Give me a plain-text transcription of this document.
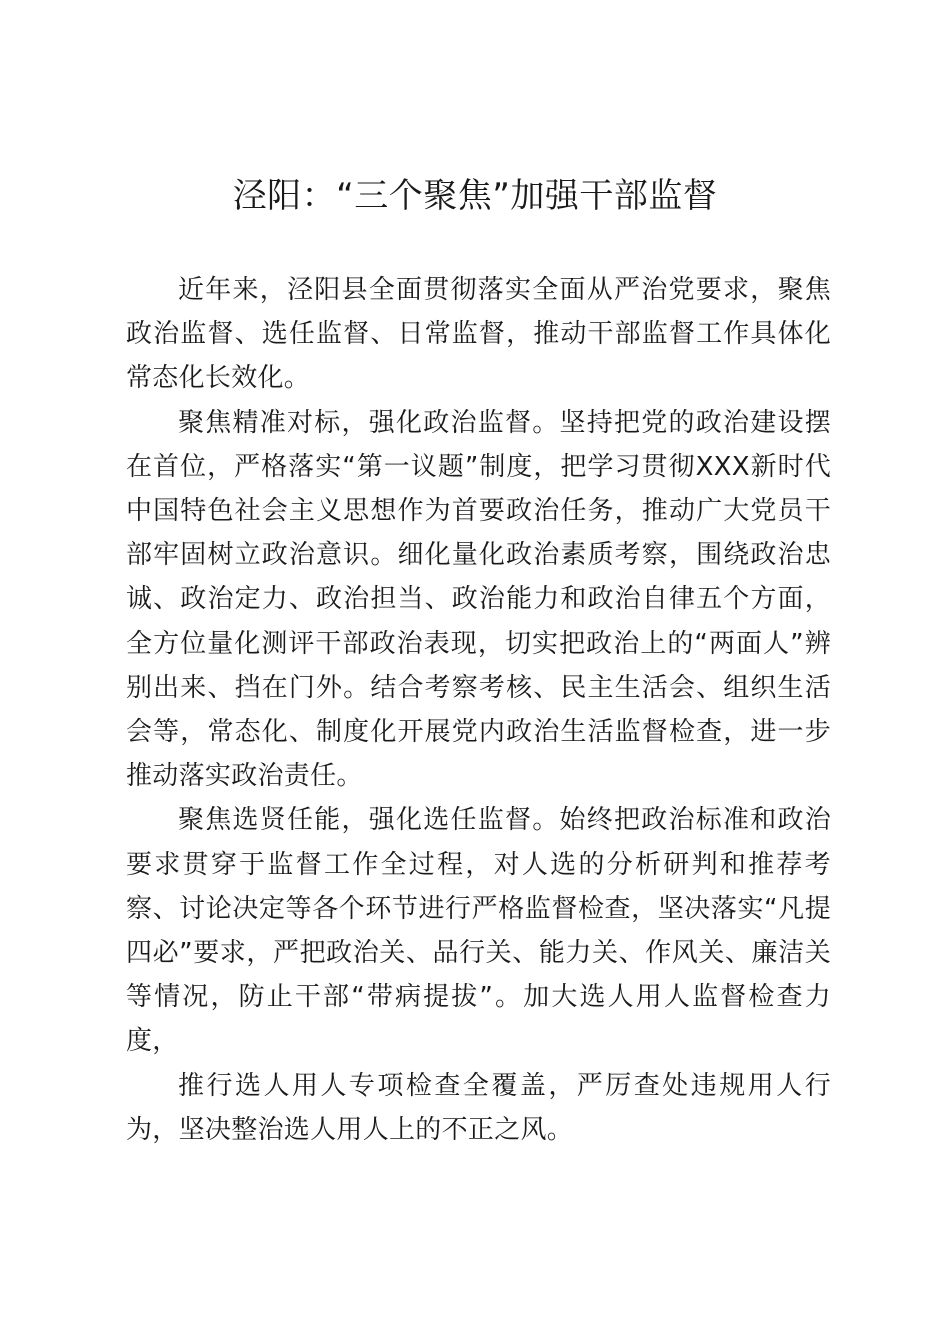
泾阳：“三个聚焦”加强干部监督

近年来，泾阳县全面贯彻落实全面从严治党要求，聚焦政治监督、选任监督、日常监督，推动干部监督工作具体化常态化长效化。

聚焦精准对标，强化政治监督。坚持把党的政治建设摆在首位，严格落实“第一议题”制度，把学习贯彻XXX新时代中国特色社会主义思想作为首要政治任务，推动广大党员干部牢固树立政治意识。细化量化政治素质考察，围绕政治忠诚、政治定力、政治担当、政治能力和政治自律五个方面，全方位量化测评干部政治表现，切实把政治上的“两面人”辨别出来、挡在门外。结合考察考核、民主生活会、组织生活会等，常态化、制度化开展党内政治生活监督检查，进一步推动落实政治责任。

聚焦选贤任能，强化选任监督。始终把政治标准和政治要求贯穿于监督工作全过程，对人选的分析研判和推荐考察、讨论决定等各个环节进行严格监督检查，坚决落实“凡提四必”要求，严把政治关、品行关、能力关、作风关、廉洁关等情况，防止干部“带病提拔”。加大选人用人监督检查力度，

推行选人用人专项检查全覆盖，严厉查处违规用人行为，坚决整治选人用人上的不正之风。
